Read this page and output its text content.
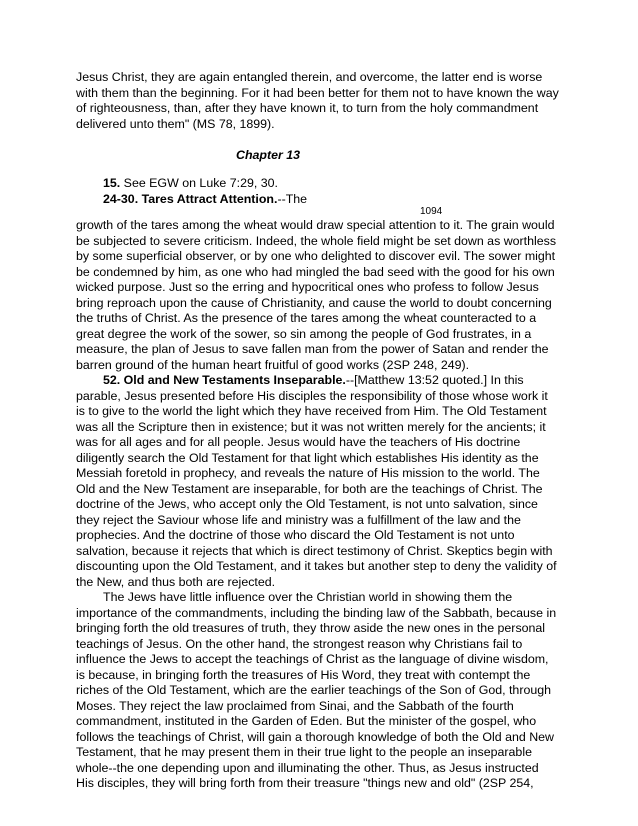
Jesus Christ, they are again entangled therein, and overcome, the latter end is worse
with them than the beginning. For it had been better for them not to have known the way
of righteousness, than, after they have known it, to turn from the holy commandment
delivered unto them" (MS 78, 1899).
Chapter 13
15. See EGW on Luke 7:29, 30.
24-30. Tares Attract Attention.--The
1094
growth of the tares among the wheat would draw special attention to it. The grain would
be subjected to severe criticism. Indeed, the whole field might be set down as worthless
by some superficial observer, or by one who delighted to discover evil. The sower might
be condemned by him, as one who had mingled the bad seed with the good for his own
wicked purpose. Just so the erring and hypocritical ones who profess to follow Jesus
bring reproach upon the cause of Christianity, and cause the world to doubt concerning
the truths of Christ. As the presence of the tares among the wheat counteracted to a
great degree the work of the sower, so sin among the people of God frustrates, in a
measure, the plan of Jesus to save fallen man from the power of Satan and render the
barren ground of the human heart fruitful of good works (2SP 248, 249).
52. Old and New Testaments Inseparable.--[Matthew 13:52 quoted.] In this
parable, Jesus presented before His disciples the responsibility of those whose work it
is to give to the world the light which they have received from Him. The Old Testament
was all the Scripture then in existence; but it was not written merely for the ancients; it
was for all ages and for all people. Jesus would have the teachers of His doctrine
diligently search the Old Testament for that light which establishes His identity as the
Messiah foretold in prophecy, and reveals the nature of His mission to the world. The
Old and the New Testament are inseparable, for both are the teachings of Christ. The
doctrine of the Jews, who accept only the Old Testament, is not unto salvation, since
they reject the Saviour whose life and ministry was a fulfillment of the law and the
prophecies. And the doctrine of those who discard the Old Testament is not unto
salvation, because it rejects that which is direct testimony of Christ. Skeptics begin with
discounting upon the Old Testament, and it takes but another step to deny the validity of
the New, and thus both are rejected.
The Jews have little influence over the Christian world in showing them the
importance of the commandments, including the binding law of the Sabbath, because in
bringing forth the old treasures of truth, they throw aside the new ones in the personal
teachings of Jesus. On the other hand, the strongest reason why Christians fail to
influence the Jews to accept the teachings of Christ as the language of divine wisdom,
is because, in bringing forth the treasures of His Word, they treat with contempt the
riches of the Old Testament, which are the earlier teachings of the Son of God, through
Moses. They reject the law proclaimed from Sinai, and the Sabbath of the fourth
commandment, instituted in the Garden of Eden. But the minister of the gospel, who
follows the teachings of Christ, will gain a thorough knowledge of both the Old and New
Testament, that he may present them in their true light to the people an inseparable
whole--the one depending upon and illuminating the other. Thus, as Jesus instructed
His disciples, they will bring forth from their treasure "things new and old" (2SP 254,
